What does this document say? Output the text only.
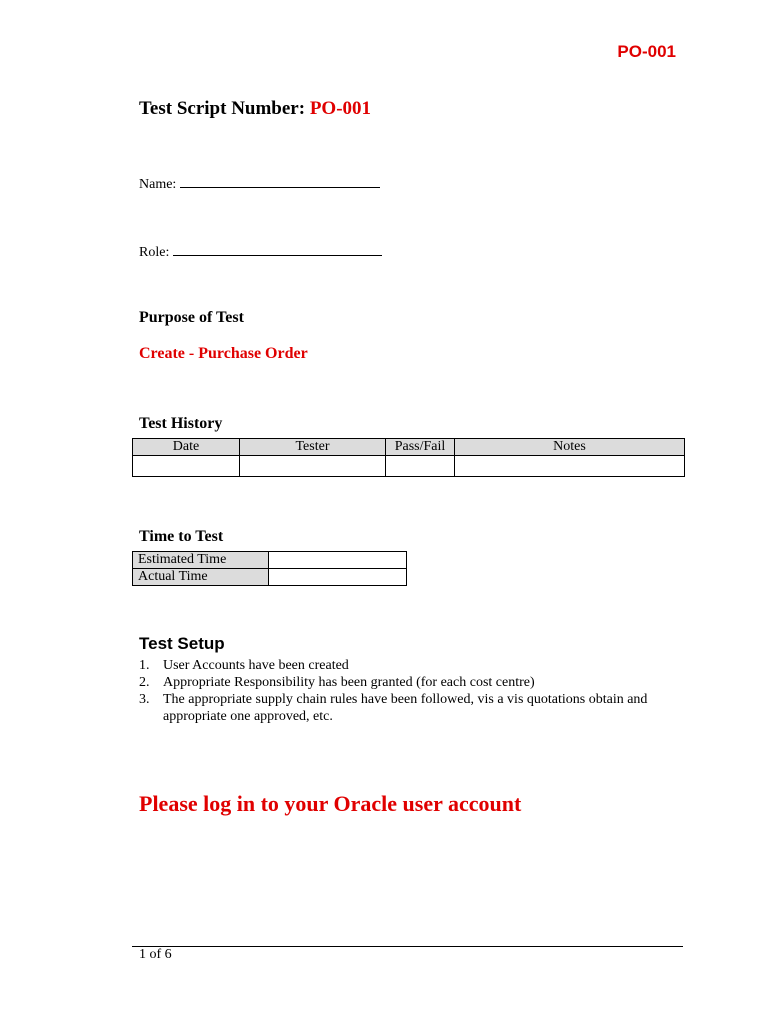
PO-001
Test Script Number: PO-001
Name:
Role:
Purpose of Test
Create - Purchase Order
Test History
Date	Tester	Pass/Fail	Notes

Time to Test
Estimated Time	
Actual Time	
Test Setup
1. User Accounts have been created
2. Appropriate Responsibility has been granted (for each cost centre)
3. The appropriate supply chain rules have been followed, vis a vis quotations obtain and appropriate one approved, etc.
Please log in to your Oracle user account
1 of 6
